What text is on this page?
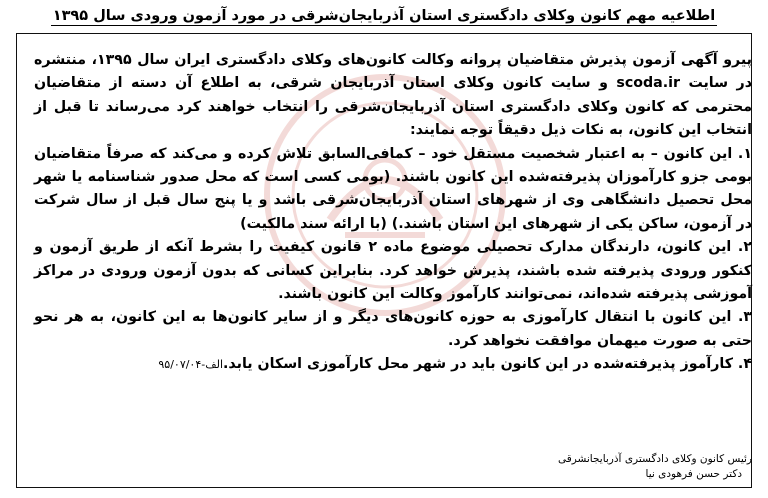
اطلاعیه مهم کانون وکلای دادگستری استان آذربایجان‌شرقی در مورد آزمون ورودی سال ۱۳۹۵

پیرو آگهی آزمون پذیرش متقاضیان پروانه وکالت کانون‌های وکلای دادگستری ایران سال ۱۳۹۵، منتشره در سایت scoda.ir و سایت کانون وکلای استان آذربایجان شرقی، به اطلاع آن دسته از متقاضیان محترمی که کانون وکلای دادگستری استان آذربایجان‌شرقی را انتخاب خواهند کرد می‌رساند تا قبل از انتخاب این کانون، به نکات ذیل دقیقاً توجه نمایند:

۱. این کانون – به اعتبار شخصیت مستقل خود – کمافی‌السابق تلاش کرده و می‌کند که صرفاً متقاضیان بومی جزو کارآموزان پذیرفته‌شده این کانون باشند. (بومی کسی است که محل صدور شناسنامه یا شهر محل تحصیل دانشگاهی وی از شهرهای استان آذربایجان‌شرقی باشد و یا پنج سال قبل از سال شرکت در آزمون، ساکن یکی از شهرهای این استان باشند.) (با ارائه سند مالکیت)

۲. این کانون، دارندگان مدارک تحصیلی موضوع ماده ۲ قانون کیفیت را بشرط آنکه از طریق آزمون و کنکور ورودی پذیرفته شده باشند، پذیرش خواهد کرد. بنابراین کسانی که بدون آزمون ورودی در مراکز آموزشی پذیرفته شده‌اند، نمی‌توانند کارآموز وکالت این کانون باشند.

۳. این کانون با انتقال کارآموزی به حوزه کانون‌های دیگر و از سایر کانون‌ها به این کانون، به هر نحو حتی به صورت میهمان موافقت نخواهد کرد.

۴. کارآموز پذیرفته‌شده در این کانون باید در شهر محل کارآموزی اسکان یابد.الف-۹۵/۰۷/۰۴

رئیس کانون وکلای دادگستری آذربایجانشرقی
دکتر حسن فرهودی نیا
